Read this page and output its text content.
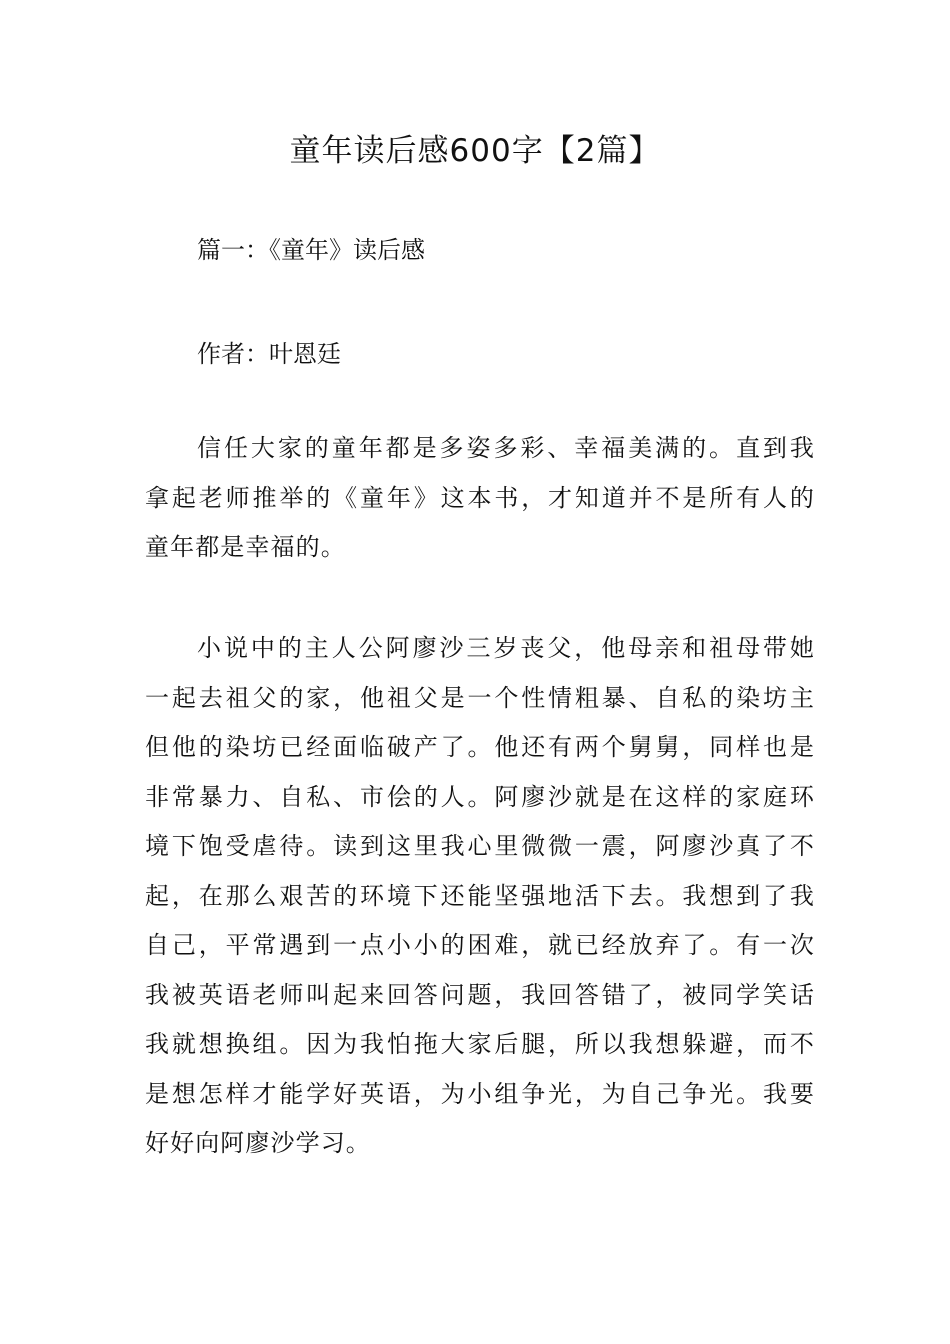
童年读后感600字【2篇】

篇一：《童年》读后感

作者：叶恩廷

信任大家的童年都是多姿多彩、幸福美满的。直到我
拿起老师推举的《童年》这本书，才知道并不是所有人的
童年都是幸福的。
小说中的主人公阿廖沙三岁丧父，他母亲和祖母带她
一起去祖父的家，他祖父是一个性情粗暴、自私的染坊主
但他的染坊已经面临破产了。他还有两个舅舅，同样也是
非常暴力、自私、市侩的人。阿廖沙就是在这样的家庭环
境下饱受虐待。读到这里我心里微微一震，阿廖沙真了不
起，在那么艰苦的环境下还能坚强地活下去。我想到了我
自己，平常遇到一点小小的困难，就已经放弃了。有一次
我被英语老师叫起来回答问题，我回答错了，被同学笑话
我就想换组。因为我怕拖大家后腿，所以我想躲避，而不
是想怎样才能学好英语，为小组争光，为自己争光。我要
好好向阿廖沙学习。
